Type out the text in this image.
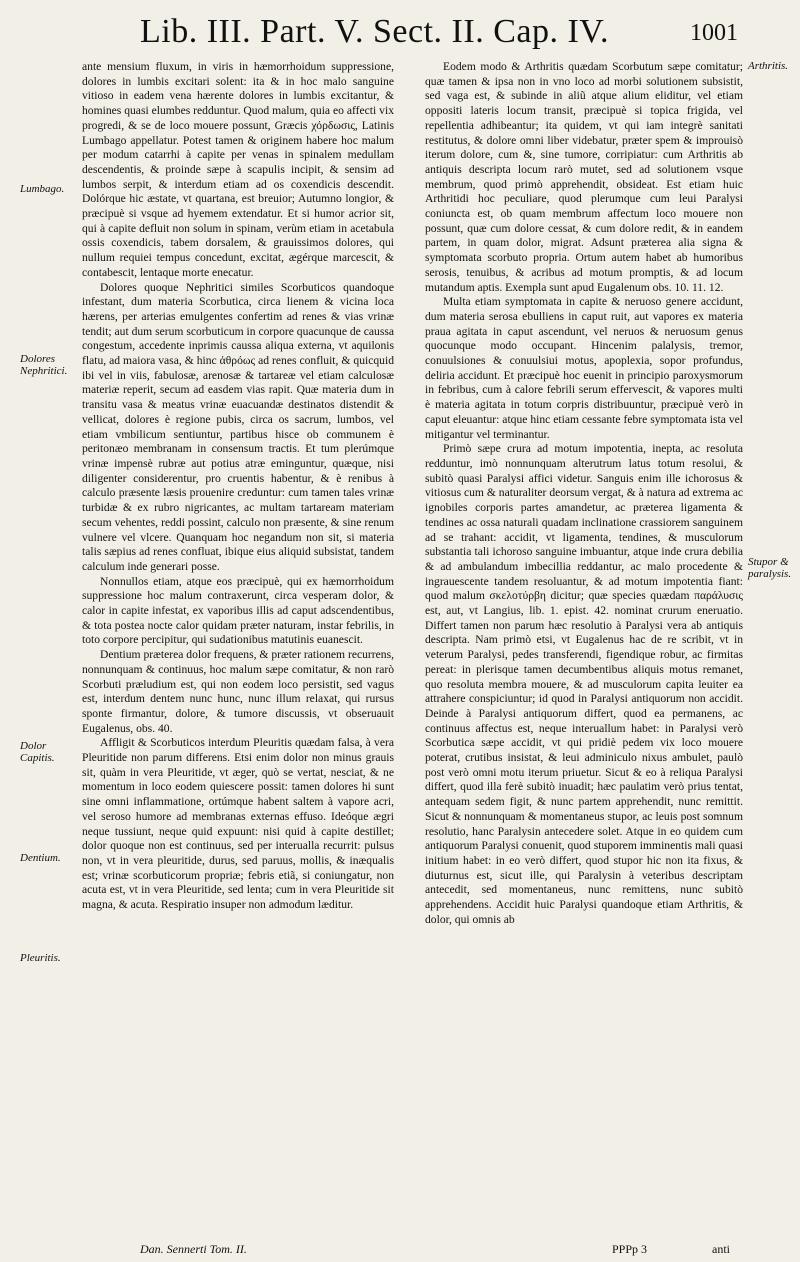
Lib. III. Part. V. Sect. II. Cap. IV.	1001
Lumbago.
Dolores Nephritici.
Dolor Capitis.
Dentium.
Pleuritis.
Arthritis.
Stupor & paralysis.

ante mensium fluxum, in viris in hæmorrhoidum suppressione, dolores in lumbis excitari solent: ita & in hoc malo sanguine vitioso in eadem vena hærente dolores in lumbis excitantur, & homines quasi elumbes redduntur. Quod malum, quia eo affecti vix progredi, & se de loco mouere possunt, Græcis χόρδωσις, Latinis Lumbago appellatur. Potest tamen & originem habere hoc malum per modum catarrhi à capite per venas in spinalem medullam descendentis, & proinde sæpe à scapulis incipit, & sensim ad lumbos serpit, & interdum etiam ad os coxendicis descendit. Dolórque hic æstate, vt quartana, est breuior; Autumno longior, & præcipuè si vsque ad hyemem extendatur. Et si humor acrior sit, qui à capite defluit non solum in spinam, verùm etiam in acetabula ossis coxendicis, tabem dorsalem, & grauissimos dolores, qui nullum requiei tempus concedunt, excitat, ægérque marcescit, & contabescit, lentaque morte enecatur.

Dolores quoque Nephritici similes Scorbuticos quandoque infestant, dum materia Scorbutica, circa lienem & vicina loca hærens, per arterias emulgentes confertim ad renes & vias vrinæ tendit; aut dum serum scorbuticum in corpore quacunque de caussa congestum, accedente inprimis caussa aliqua externa, vt aquilonis flatu, ad maiora vasa, & hinc ἀθρόως ad renes confluit, & quicquid ibi vel in viis, fabulosæ, arenosæ & tartareæ vel etiam calculosæ materiæ reperit, secum ad easdem vias rapit. Quæ materia dum in transitu vasa & meatus vrinæ euacuandæ destinatos distendit & vellicat, dolores è regione pubis, circa os sacrum, lumbos, vel etiam vmbilicum sentiuntur, partibus hisce ob communem è peritonæo membranam in consensum tractis. Et tum plerúmque vrinæ impensè rubræ aut potius atræ eminguntur, quæque, nisi diligenter considerentur, pro cruentis habentur, & è renibus à calculo præsente læsis prouenire creduntur: cum tamen tales vrinæ turbidæ & ex rubro nigricantes, ac multam tartaream materiam secum vehentes, reddi possint, calculo non præsente, & sine renum vulnere vel vlcere. Quanquam hoc negandum non sit, si materia talis sæpius ad renes confluat, ibique eius aliquid subsistat, tandem calculum inde generari posse.

Nonnullos etiam, atque eos præcipuè, qui ex hæmorrhoidum suppressione hoc malum contraxerunt, circa vesperam dolor, & calor in capite infestat, ex vaporibus illis ad caput adscendentibus, & tota postea nocte calor quidam præter naturam, instar febrilis, in toto corpore percipitur, qui sudationibus matutinis euanescit.

Dentium præterea dolor frequens, & præter rationem recurrens, nonnunquam & continuus, hoc malum sæpe comitatur, & non rarò Scorbuti præludium est, qui non eodem loco persistit, sed vagus est, interdum dentem nunc hunc, nunc illum relaxat, qui rursus sponte firmantur, dolore, & tumore discussis, vt obseruauit Eugalenus, obs. 40.

Affligit & Scorbuticos interdum Pleuritis quædam falsa, à vera Pleuritide non parum differens. Etsi enim dolor non minus grauis sit, quàm in vera Pleuritide, vt æger, quò se vertat, nesciat, & ne momentum in loco eodem quiescere possit: tamen dolores hi sunt sine omni inflammatione, ortúmque habent saltem à vapore acri, vel seroso humore ad membranas externas effuso. Ideóque ægri neque tussiunt, neque quid expuunt: nisi quid à capite destillet; dolor quoque non est continuus, sed per interualla recurrit: pulsus non, vt in vera pleuritide, durus, sed paruus, mollis, & inæqualis est; vrinæ scorbuticorum propriæ; febris etiã, si coniungatur, non acuta est, vt in vera Pleuritide, sed lenta; cum in vera Pleuritide sit magna, & acuta. Respiratio insuper non admodum læditur.

Eodem modo & Arthritis quædam Scorbutum sæpe comitatur; quæ tamen & ipsa non in vno loco ad morbi solutionem subsistit, sed vaga est, & subinde in aliũ atque alium eliditur, vel etiam oppositi lateris locum transit, præcipuè si topica frigida, vel repellentia adhibeantur; ita quidem, vt qui iam integrè sanitati restitutus, & dolore omni liber videbatur, præter spem & improuisò iterum dolore, cum &, sine tumore, corripiatur: cum Arthritis ab antiquis descripta locum rarò mutet, sed ad solutionem vsque membrum, quod primò apprehendit, obsideat. Est etiam huic Arthritidi hoc peculiare, quod plerumque cum leui Paralysi coniuncta est, ob quam membrum affectum loco mouere non possunt, quæ cum dolore cessat, & cum dolore redit, & in eandem partem, in quam dolor, migrat. Adsunt præterea alia signa & symptomata scorbuto propria. Ortum autem habet ab humoribus serosis, tenuibus, & acribus ad motum promptis, & ad locum mutandum aptis. Exempla sunt apud Eugalenum obs. 10. 11. 12.

Multa etiam symptomata in capite & neruoso genere accidunt, dum materia serosa ebulliens in caput ruit, aut vapores ex materia praua agitata in caput ascendunt, vel neruos & neruosum genus quocunque modo occupant. Hincenim palalysis, tremor, conuulsiones & conuulsiui motus, apoplexia, sopor profundus, deliria accidunt. Et præcipuè hoc euenit in principio paroxysmorum in febribus, cum à calore febrili serum effervescit, & vapores multi è materia agitata in totum corpris distribuuntur, præcipuè verò in caput eleuantur: atque hinc etiam cessante febre symptomata ista vel mitigantur vel terminantur.

Primò sæpe crura ad motum impotentia, inepta, ac resoluta redduntur, imò nonnunquam alterutrum latus totum resolui, & subitò quasi Paralysi affici videtur. Sanguis enim ille ichorosus & vitiosus cum & naturaliter deorsum vergat, & à natura ad extrema ac ignobiles corporis partes amandetur, ac præterea ligamenta & tendines ac ossa naturali quadam inclinatione crassiorem sanguinem ad se trahant: accidit, vt ligamenta, tendines, & musculorum substantia tali ichoroso sanguine imbuantur, atque inde crura debilia & ad ambulandum imbecillia reddantur, ac malo procedente & ingrauescente tandem resoluantur, & ad motum impotentia fiant: quod malum σκελοτύρβη dicitur; quæ species quædam παράλυσις est, aut, vt Langius, lib. 1. epist. 42. nominat crurum eneruatio. Differt tamen non parum hæc resolutio à Paralysi vera ab antiquis descripta. Nam primò etsi, vt Eugalenus hac de re scribit, vt in veterum Paralysi, pedes transferendi, figendique robur, ac firmitas pereat: in plerisque tamen decumbentibus aliquis motus remanet, quo resoluta membra mouere, & ad musculorum capita leuiter ea attrahere conspiciuntur; id quod in Paralysi antiquorum non accidit. Deinde à Paralysi antiquorum differt, quod ea permanens, ac continuus affectus est, neque interuallum habet: in Paralysi verò Scorbutica sæpe accidit, vt qui pridiè pedem vix loco mouere poterat, crutibus insistat, & leui adminiculo nixus ambulet, paulò post verò omni motu iterum priuetur. Sicut & eo à reliqua Paralysi differt, quod illa ferè subitò inuadit; hæc paulatim verò prius tentat, antequam sedem figit, & nunc partem apprehendit, nunc remittit. Sicut & nonnunquam & momentaneus stupor, ac leuis post somnum resolutio, hanc Paralysin antecedere solet. Atque in eo quidem cum antiquorum Paralysi conuenit, quod stuporem imminentis mali quasi initium habet: in eo verò differt, quod stupor hic non ita fixus, & diuturnus est, sicut ille, qui Paralysin à veteribus descriptam antecedit, sed momentaneus, nunc remittens, nunc subitò apprehendens. Accidit huic Paralysi quandoque etiam Arthritis, & dolor, qui omnis ab

Dan. Sennerti Tom. II.	PPPp 3	anti
